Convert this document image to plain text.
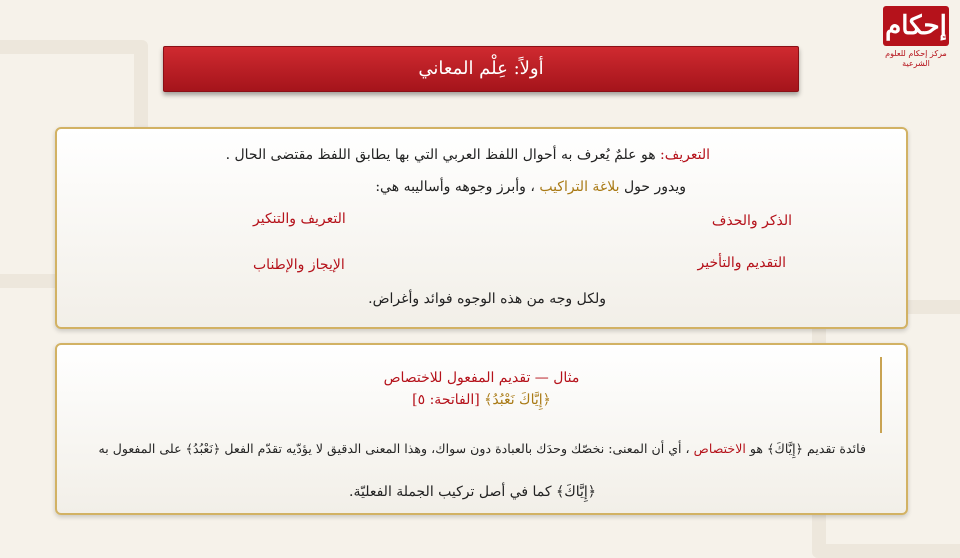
إحكام
مركز إحكام للعلوم الشرعية
أولاً: عِلْم المعاني
التعريف: هو علمٌ يُعرف به أحوال اللفظ العربي التي بها يطابق اللفظ مقتضى الحال .
ويدور حول بلاغة التراكيب ، وأبرز وجوهه وأساليبه هي:
الذكر والحذف
التعريف والتنكير
التقديم والتأخير
الإيجاز والإطناب
ولكل وجه من هذه الوجوه فوائد وأغراض.
مثال — تقديم المفعول للاختصاص
﴿إِيَّاكَ نَعْبُدُ﴾ [الفاتحة: ٥]
فائدة تقديم ﴿إِيَّاكَ﴾ هو الاختصاص ، أي أن المعنى: نخصّك وحدَك بالعبادة دون سواك، وهذا المعنى الدقيق لا يؤدّيه تقدّم الفعل ﴿نَعْبُدُ﴾ على المفعول به
﴿إِيَّاكَ﴾ كما في أصل تركيب الجملة الفعليّة.
